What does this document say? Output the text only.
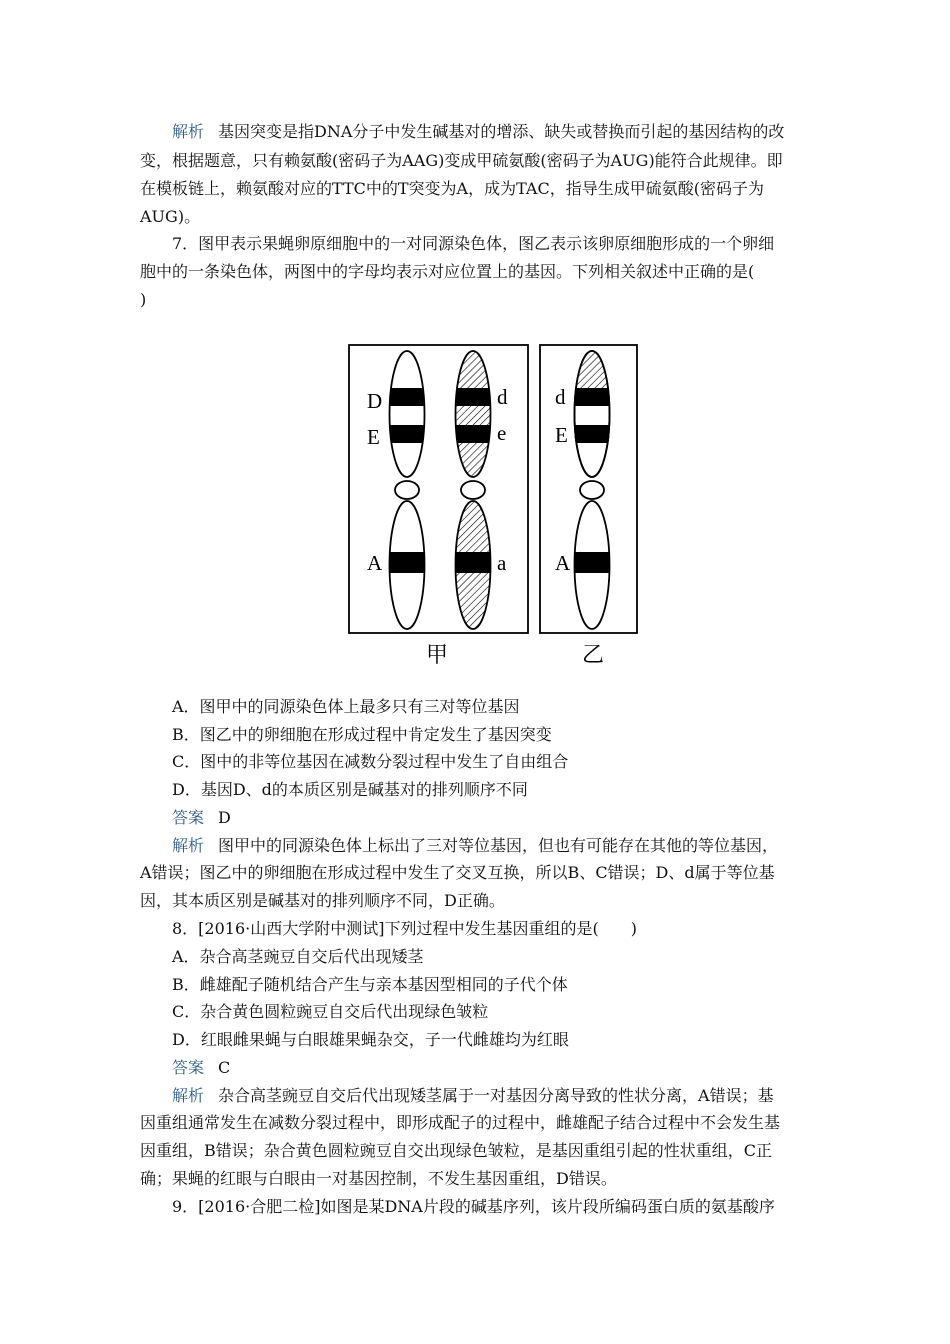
解析 基因突变是指DNA分子中发生碱基对的增添、缺失或替换而引起的基因结构的改
变，根据题意，只有赖氨酸(密码子为AAG)变成甲硫氨酸(密码子为AUG)能符合此规律。即
在模板链上，赖氨酸对应的TTC中的T突变为A，成为TAC，指导生成甲硫氨酸(密码子为
AUG)。
7．图甲表示果蝇卵原细胞中的一对同源染色体，图乙表示该卵原细胞形成的一个卵细
胞中的一条染色体，两图中的字母均表示对应位置上的基因。下列相关叙述中正确的是(
)
D
E
A
d
e
a
d
E
A
甲	乙
A．图甲中的同源染色体上最多只有三对等位基因
B．图乙中的卵细胞在形成过程中肯定发生了基因突变
C．图中的非等位基因在减数分裂过程中发生了自由组合
D．基因D、d的本质区别是碱基对的排列顺序不同
答案 D
解析 图甲中的同源染色体上标出了三对等位基因，但也有可能存在其他的等位基因，
A错误；图乙中的卵细胞在形成过程中发生了交叉互换，所以B、C错误；D、d属于等位基
因，其本质区别是碱基对的排列顺序不同，D正确。
8．[2016·山西大学附中测试]下列过程中发生基因重组的是(　　)
A．杂合高茎豌豆自交后代出现矮茎
B．雌雄配子随机结合产生与亲本基因型相同的子代个体
C．杂合黄色圆粒豌豆自交后代出现绿色皱粒
D．红眼雌果蝇与白眼雄果蝇杂交，子一代雌雄均为红眼
答案 C
解析 杂合高茎豌豆自交后代出现矮茎属于一对基因分离导致的性状分离，A错误；基
因重组通常发生在减数分裂过程中，即形成配子的过程中，雌雄配子结合过程中不会发生基
因重组，B错误；杂合黄色圆粒豌豆自交出现绿色皱粒，是基因重组引起的性状重组，C正
确；果蝇的红眼与白眼由一对基因控制，不发生基因重组，D错误。
9．[2016·合肥二检]如图是某DNA片段的碱基序列，该片段所编码蛋白质的氨基酸序
